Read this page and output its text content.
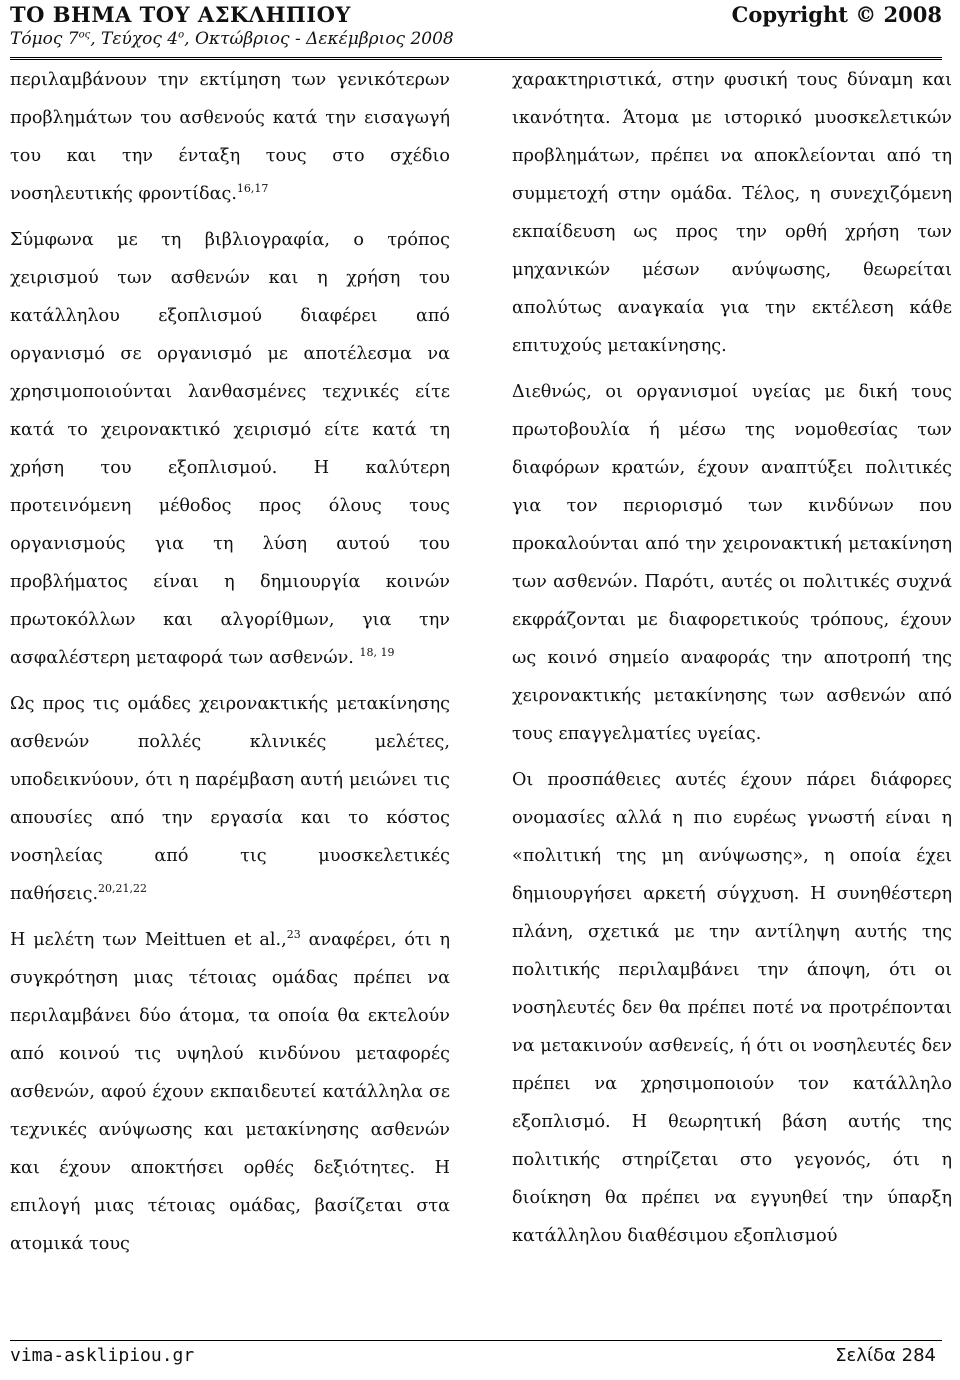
ΤΟ ΒΗΜΑ ΤΟΥ ΑΣΚΛΗΠΙΟΥ	Copyright © 2008
Τόμος $7^{o\varsigma}$, Τεύχος $4^o$, Οκτώβριος - Δεκέμβριος 2008

περιλαμβάνουν την εκτίμηση των γενικότερων προβλημάτων του ασθενούς κατά την εισαγωγή του και την ένταξη τους στο σχέδιο νοσηλευτικής φροντίδας.$^{16,17}$

Σύμφωνα με τη βιβλιογραφία, ο τρόπος χειρισμού των ασθενών και η χρήση του κατάλληλου εξοπλισμού διαφέρει από οργανισμό σε οργανισμό με αποτέλεσμα να χρησιμοποιούνται λανθασμένες τεχνικές είτε κατά το χειρονακτικό χειρισμό είτε κατά τη χρήση του εξοπλισμού. Η καλύτερη προτεινόμενη μέθοδος προς όλους τους οργανισμούς για τη λύση αυτού του προβλήματος είναι η δημιουργία κοινών πρωτοκόλλων και αλγορίθμων, για την ασφαλέστερη μεταφορά των ασθενών. $^{18, 19}$

Ως προς τις ομάδες χειρονακτικής μετακίνησης ασθενών πολλές κλινικές μελέτες, υποδεικνύουν, ότι η παρέμβαση αυτή μειώνει τις απουσίες από την εργασία και το κόστος νοσηλείας από τις μυοσκελετικές παθήσεις.$^{20,21,22}$

Η μελέτη των Meittuen et al.,$^{23}$ αναφέρει, ότι η συγκρότηση μιας τέτοιας ομάδας πρέπει να περιλαμβάνει δύο άτομα, τα οποία θα εκτελούν από κοινού τις υψηλού κινδύνου μεταφορές ασθενών, αφού έχουν εκπαιδευτεί κατάλληλα σε τεχνικές ανύψωσης και μετακίνησης ασθενών και έχουν αποκτήσει ορθές δεξιότητες. Η επιλογή μιας τέτοιας ομάδας, βασίζεται στα ατομικά τους

χαρακτηριστικά, στην φυσική τους δύναμη και ικανότητα. Άτομα με ιστορικό μυοσκελετικών προβλημάτων, πρέπει να αποκλείονται από τη συμμετοχή στην ομάδα. Τέλος, η συνεχιζόμενη εκπαίδευση ως προς την ορθή χρήση των μηχανικών μέσων ανύψωσης, θεωρείται απολύτως αναγκαία για την εκτέλεση κάθε επιτυχούς μετακίνησης.

Διεθνώς, οι οργανισμοί υγείας με δική τους πρωτοβουλία ή μέσω της νομοθεσίας των διαφόρων κρατών, έχουν αναπτύξει πολιτικές για τον περιορισμό των κινδύνων που προκαλούνται από την χειρονακτική μετακίνηση των ασθενών. Παρότι, αυτές οι πολιτικές συχνά εκφράζονται με διαφορετικούς τρόπους, έχουν ως κοινό σημείο αναφοράς την αποτροπή της χειρονακτικής μετακίνησης των ασθενών από τους επαγγελματίες υγείας.

Οι προσπάθειες αυτές έχουν πάρει διάφορες ονομασίες αλλά η πιο ευρέως γνωστή είναι η «πολιτική της μη ανύψωσης», η οποία έχει δημιουργήσει αρκετή σύγχυση. Η συνηθέστερη πλάνη, σχετικά με την αντίληψη αυτής της πολιτικής περιλαμβάνει την άποψη, ότι οι νοσηλευτές δεν θα πρέπει ποτέ να προτρέπονται να μετακινούν ασθενείς, ή ότι οι νοσηλευτές δεν πρέπει να χρησιμοποιούν τον κατάλληλο εξοπλισμό. Η θεωρητική βάση αυτής της πολιτικής στηρίζεται στο γεγονός, ότι η διοίκηση θα πρέπει να εγγυηθεί την ύπαρξη κατάλληλου διαθέσιμου εξοπλισμού

vima-asklipiou.gr	Σελίδα 284
